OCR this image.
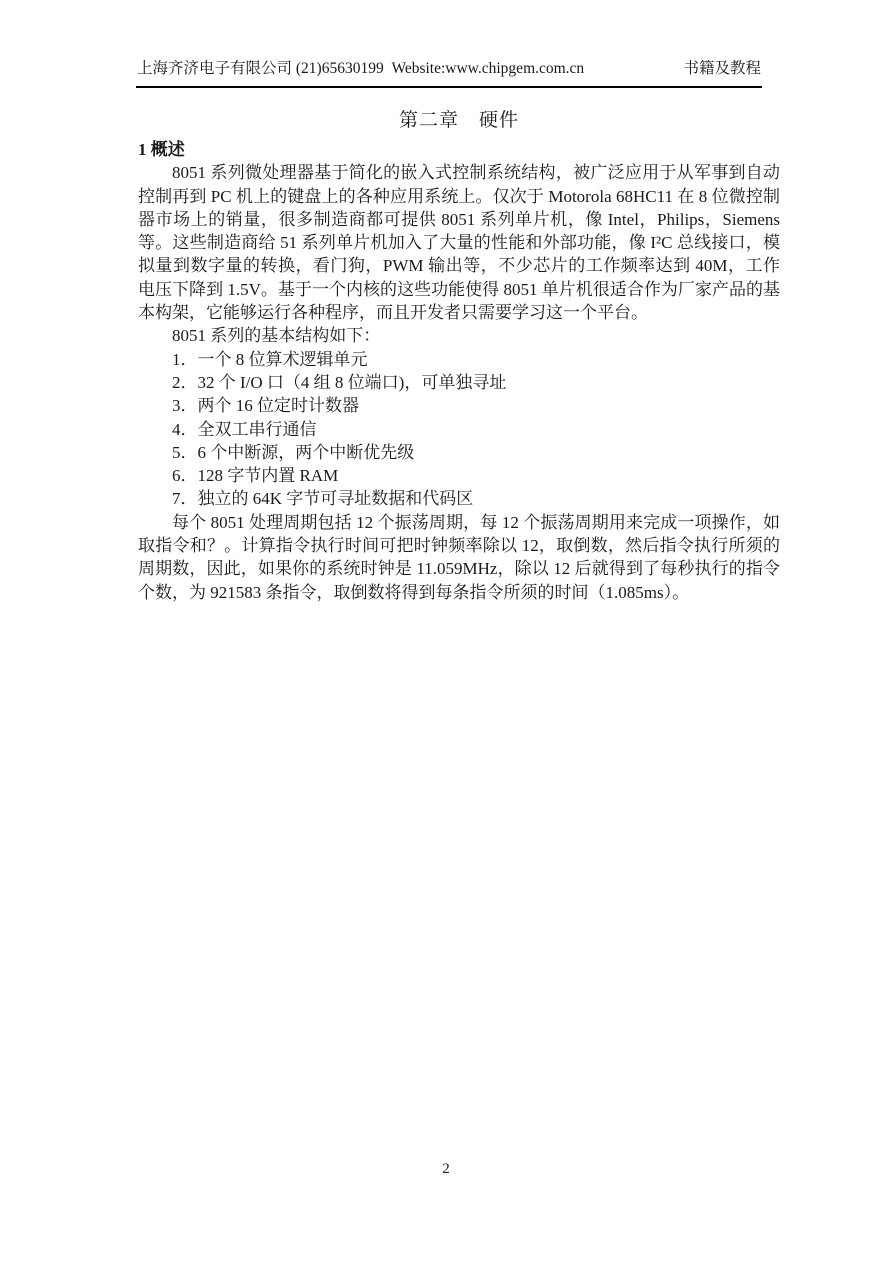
上海齐济电子有限公司 (21)65630199  Website:www.chipgem.com.cn	书籍及教程
第二章　硬件
1 概述

8051 系列微处理器基于简化的嵌入式控制系统结构，被广泛应用于从军事到自动控制再到 PC 机上的键盘上的各种应用系统上。仅次于 Motorola 68HC11 在 8 位微控制器市场上的销量，很多制造商都可提供 8051 系列单片机，像 Intel，Philips，Siemens 等。这些制造商给 51 系列单片机加入了大量的性能和外部功能，像 I²C 总线接口，模拟量到数字量的转换，看门狗，PWM 输出等，不少芯片的工作频率达到 40M，工作电压下降到 1.5V。基于一个内核的这些功能使得 8051 单片机很适合作为厂家产品的基本构架，它能够运行各种程序，而且开发者只需要学习这一个平台。

8051 系列的基本结构如下：

1．一个 8 位算术逻辑单元

2．32 个 I/O 口（4 组 8 位端口)，可单独寻址

3．两个 16 位定时计数器

4．全双工串行通信

5．6 个中断源，两个中断优先级

6．128 字节内置 RAM

7．独立的 64K 字节可寻址数据和代码区

每个 8051 处理周期包括 12 个振荡周期，每 12 个振荡周期用来完成一项操作，如取指令和？。计算指令执行时间可把时钟频率除以 12，取倒数，然后指令执行所须的周期数，因此，如果你的系统时钟是 11.059MHz，除以 12 后就得到了每秒执行的指令个数，为 921583 条指令，取倒数将得到每条指令所须的时间（1.085ms）。

2
